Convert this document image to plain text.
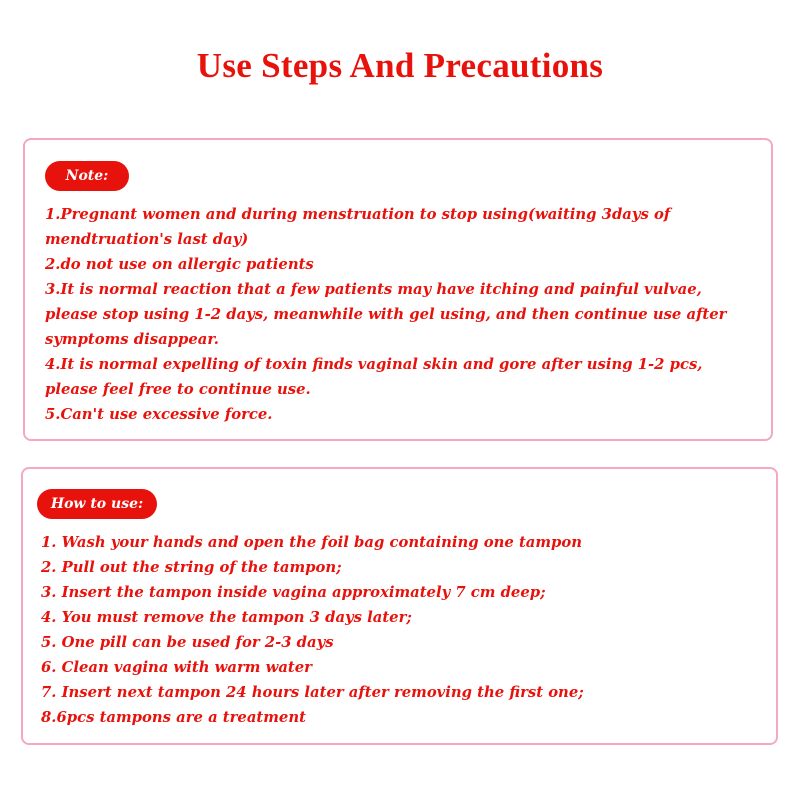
Use Steps And Precautions
Note:
1.Pregnant women and during menstruation to stop using(waiting 3days of mendtruation's last day)
2.do not use on allergic patients
3.It is normal reaction that a few patients may have itching and painful vulvae, please stop using 1-2 days, meanwhile with gel using, and then continue use after symptoms disappear.
4.It is normal expelling of toxin finds vaginal skin and gore after using 1-2 pcs, please feel free to continue use.
5.Can't use excessive force.
How to use:
1. Wash your hands and open the foil bag containing one tampon
2. Pull out the string of the tampon;
3. Insert the tampon inside vagina approximately 7 cm deep;
4. You must remove the tampon 3 days later;
5. One pill can be used for 2-3 days
6. Clean vagina with warm water
7. Insert next tampon 24 hours later after removing the first one;
8.6pcs tampons are a treatment
